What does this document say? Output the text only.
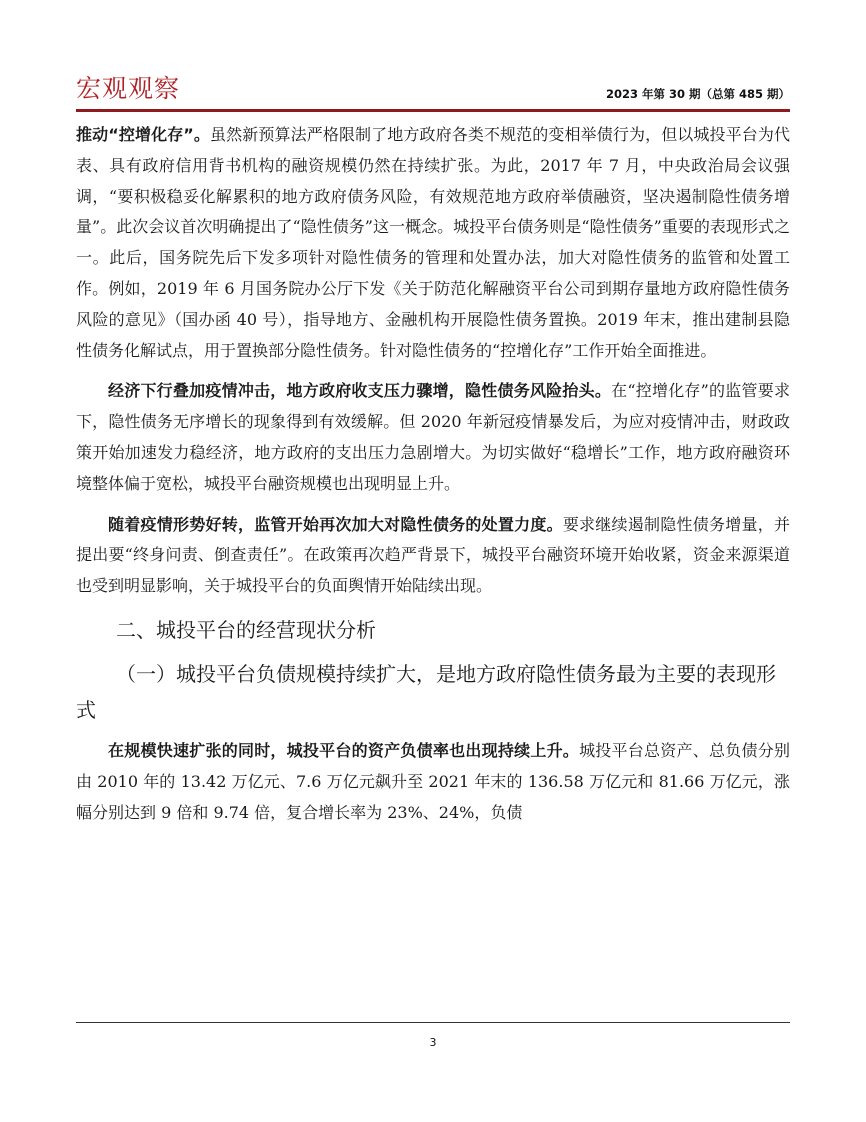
宏观观察	2023 年第 30 期（总第 485 期）

推动“控增化存”。虽然新预算法严格限制了地方政府各类不规范的变相举债行为，但以城投平台为代表、具有政府信用背书机构的融资规模仍然在持续扩张。为此，2017 年 7 月，中央政治局会议强调，“要积极稳妥化解累积的地方政府债务风险，有效规范地方政府举债融资，坚决遏制隐性债务增量”。此次会议首次明确提出了“隐性债务”这一概念。城投平台债务则是“隐性债务”重要的表现形式之一。此后，国务院先后下发多项针对隐性债务的管理和处置办法，加大对隐性债务的监管和处置工作。例如，2019 年 6 月国务院办公厅下发《关于防范化解融资平台公司到期存量地方政府隐性债务风险的意见》（国办函 40 号），指导地方、金融机构开展隐性债务置换。2019 年末，推出建制县隐性债务化解试点，用于置换部分隐性债务。针对隐性债务的“控增化存”工作开始全面推进。

经济下行叠加疫情冲击，地方政府收支压力骤增，隐性债务风险抬头。在“控增化存”的监管要求下，隐性债务无序增长的现象得到有效缓解。但 2020 年新冠疫情暴发后，为应对疫情冲击，财政政策开始加速发力稳经济，地方政府的支出压力急剧增大。为切实做好“稳增长”工作，地方政府融资环境整体偏于宽松，城投平台融资规模也出现明显上升。

随着疫情形势好转，监管开始再次加大对隐性债务的处置力度。要求继续遏制隐性债务增量，并提出要“终身问责、倒查责任”。在政策再次趋严背景下，城投平台融资环境开始收紧，资金来源渠道也受到明显影响，关于城投平台的负面舆情开始陆续出现。

二、城投平台的经营现状分析
（一）城投平台负债规模持续扩大，是地方政府隐性债务最为主要的表现形式

在规模快速扩张的同时，城投平台的资产负债率也出现持续上升。城投平台总资产、总负债分别由 2010 年的 13.42 万亿元、7.6 万亿元飙升至 2021 年末的 136.58 万亿元和 81.66 万亿元，涨幅分别达到 9 倍和 9.74 倍，复合增长率为 23%、24%，负债

3
